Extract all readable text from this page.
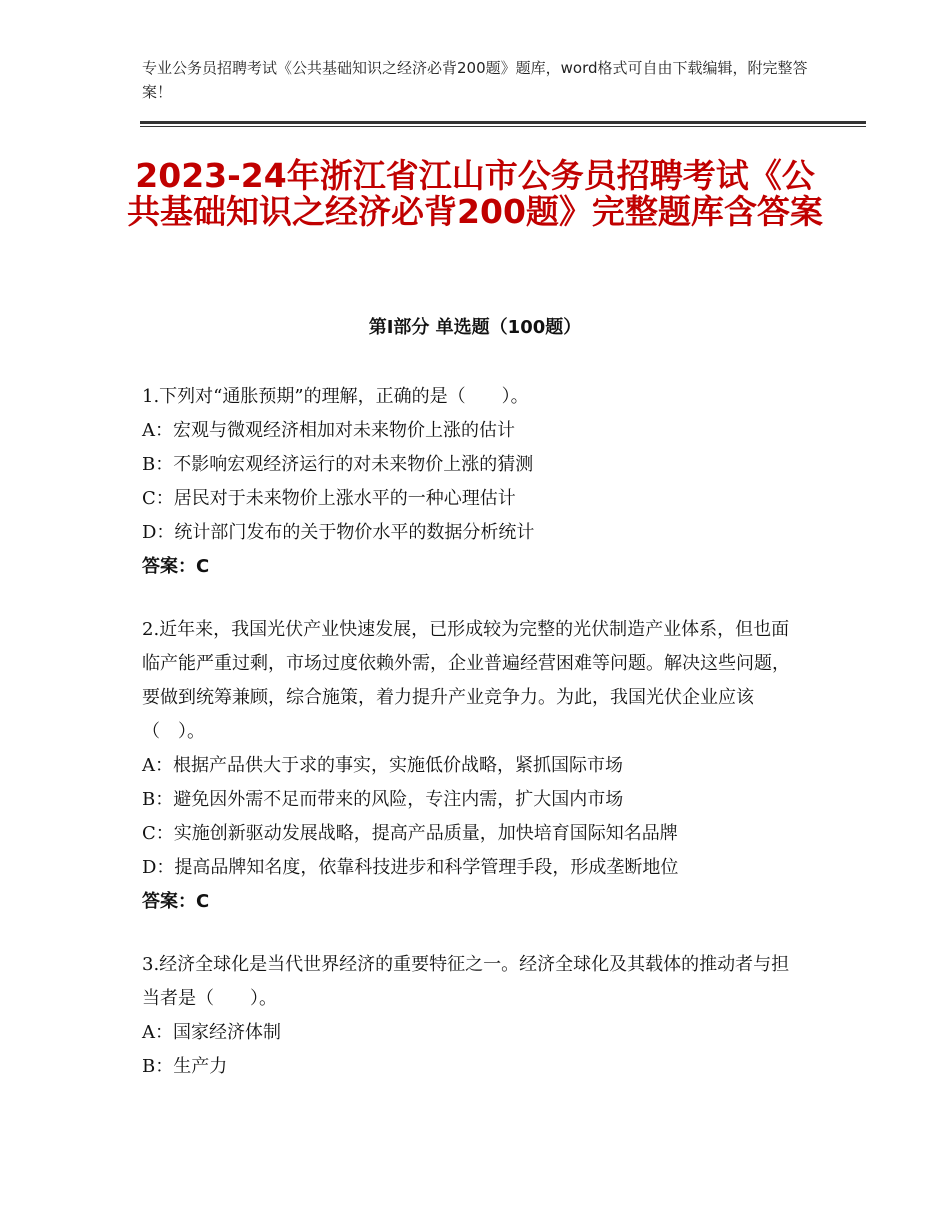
专业公务员招聘考试《公共基础知识之经济必背200题》题库，word格式可自由下载编辑，附完整答案！
2023-24年浙江省江山市公务员招聘考试《公共基础知识之经济必背200题》完整题库含答案
第Ⅰ部分 单选题（100题）

1.下列对“通胀预期”的理解，正确的是（　　）。

A：宏观与微观经济相加对未来物价上涨的估计

B：不影响宏观经济运行的对未来物价上涨的猜测

C：居民对于未来物价上涨水平的一种心理估计

D：统计部门发布的关于物价水平的数据分析统计

答案：C

2.近年来，我国光伏产业快速发展，已形成较为完整的光伏制造产业体系，但也面临产能严重过剩，市场过度依赖外需，企业普遍经营困难等问题。解决这些问题，要做到统筹兼顾，综合施策，着力提升产业竞争力。为此，我国光伏企业应该（　）。

A：根据产品供大于求的事实，实施低价战略，紧抓国际市场

B：避免因外需不足而带来的风险，专注内需，扩大国内市场

C：实施创新驱动发展战略，提高产品质量，加快培育国际知名品牌

D：提高品牌知名度，依靠科技进步和科学管理手段，形成垄断地位

答案：C

3.经济全球化是当代世界经济的重要特征之一。经济全球化及其载体的推动者与担当者是（　　）。

A：国家经济体制

B：生产力
